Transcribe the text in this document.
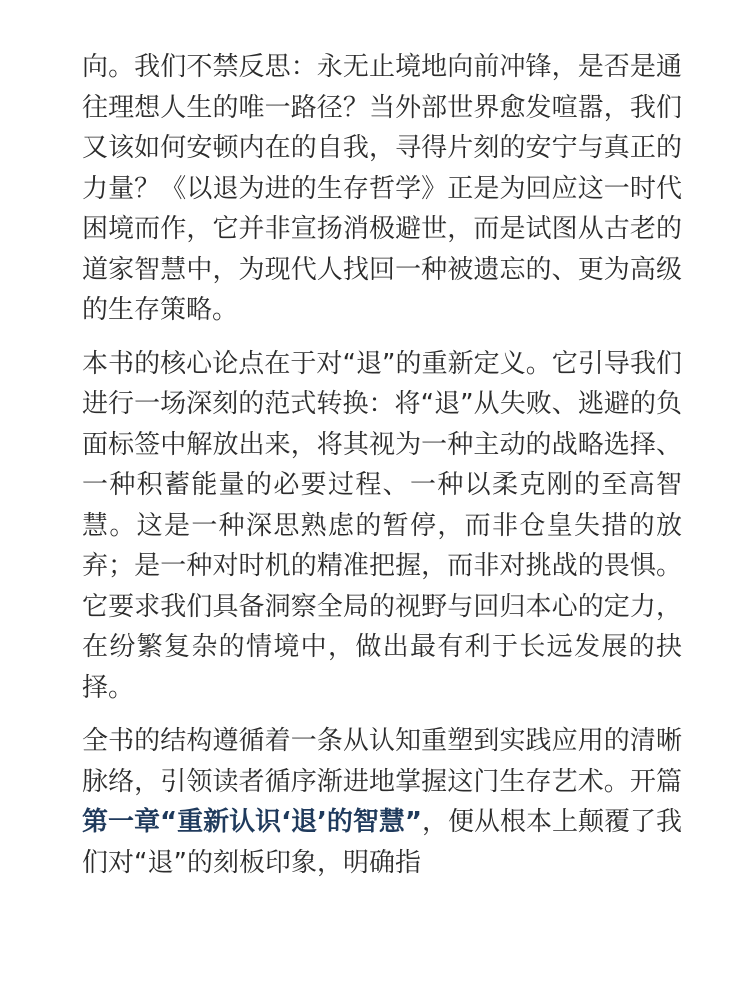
向。我们不禁反思：永无止境地向前冲锋，是否是通往理想人生的唯一路径？当外部世界愈发喧嚣，我们又该如何安顿内在的自我，寻得片刻的安宁与真正的力量？《以退为进的生存哲学》正是为回应这一时代困境而作，它并非宣扬消极避世，而是试图从古老的道家智慧中，为现代人找回一种被遗忘的、更为高级的生存策略。

本书的核心论点在于对“退”的重新定义。它引导我们进行一场深刻的范式转换：将“退”从失败、逃避的负面标签中解放出来，将其视为一种主动的战略选择、一种积蓄能量的必要过程、一种以柔克刚的至高智慧。这是一种深思熟虑的暂停，而非仓皇失措的放弃；是一种对时机的精准把握，而非对挑战的畏惧。它要求我们具备洞察全局的视野与回归本心的定力，在纷繁复杂的情境中，做出最有利于长远发展的抉择。

全书的结构遵循着一条从认知重塑到实践应用的清晰脉络，引领读者循序渐进地掌握这门生存艺术。开篇第一章“重新认识‘退’的智慧”，便从根本上颠覆了我们对“退”的刻板印象，明确指
